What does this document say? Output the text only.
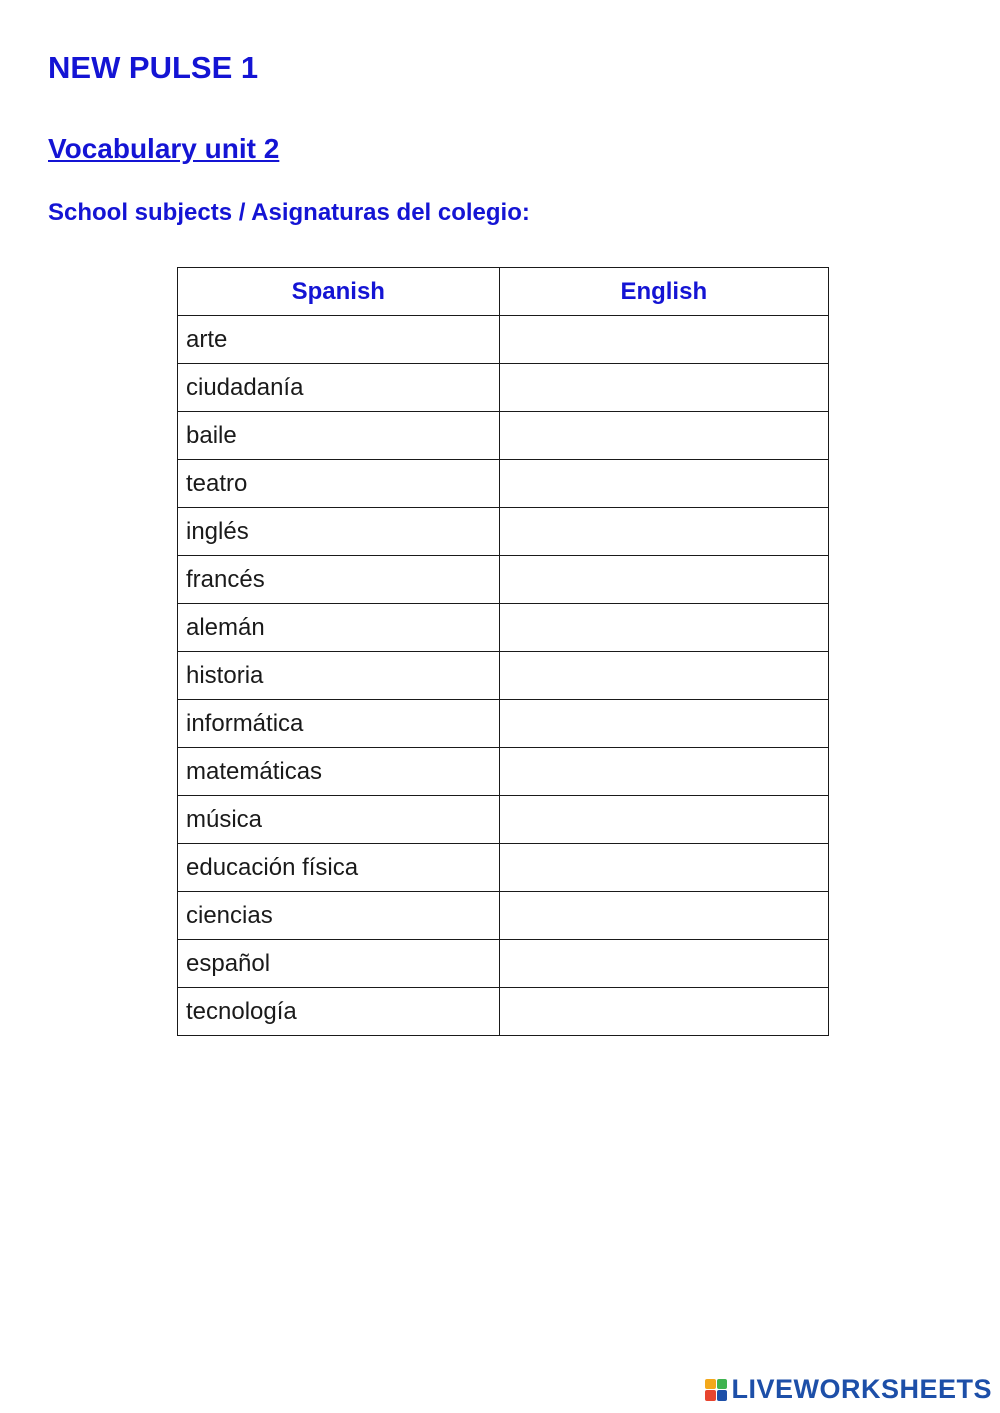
NEW PULSE 1
Vocabulary unit 2
School subjects / Asignaturas del colegio:
Spanish	English
arte	
ciudadanía	
baile	
teatro	
inglés	
francés	
alemán	
historia	
informática	
matemáticas	
música	
educación física	
ciencias	
español	
tecnología	
LIVEWORKSHEETS
